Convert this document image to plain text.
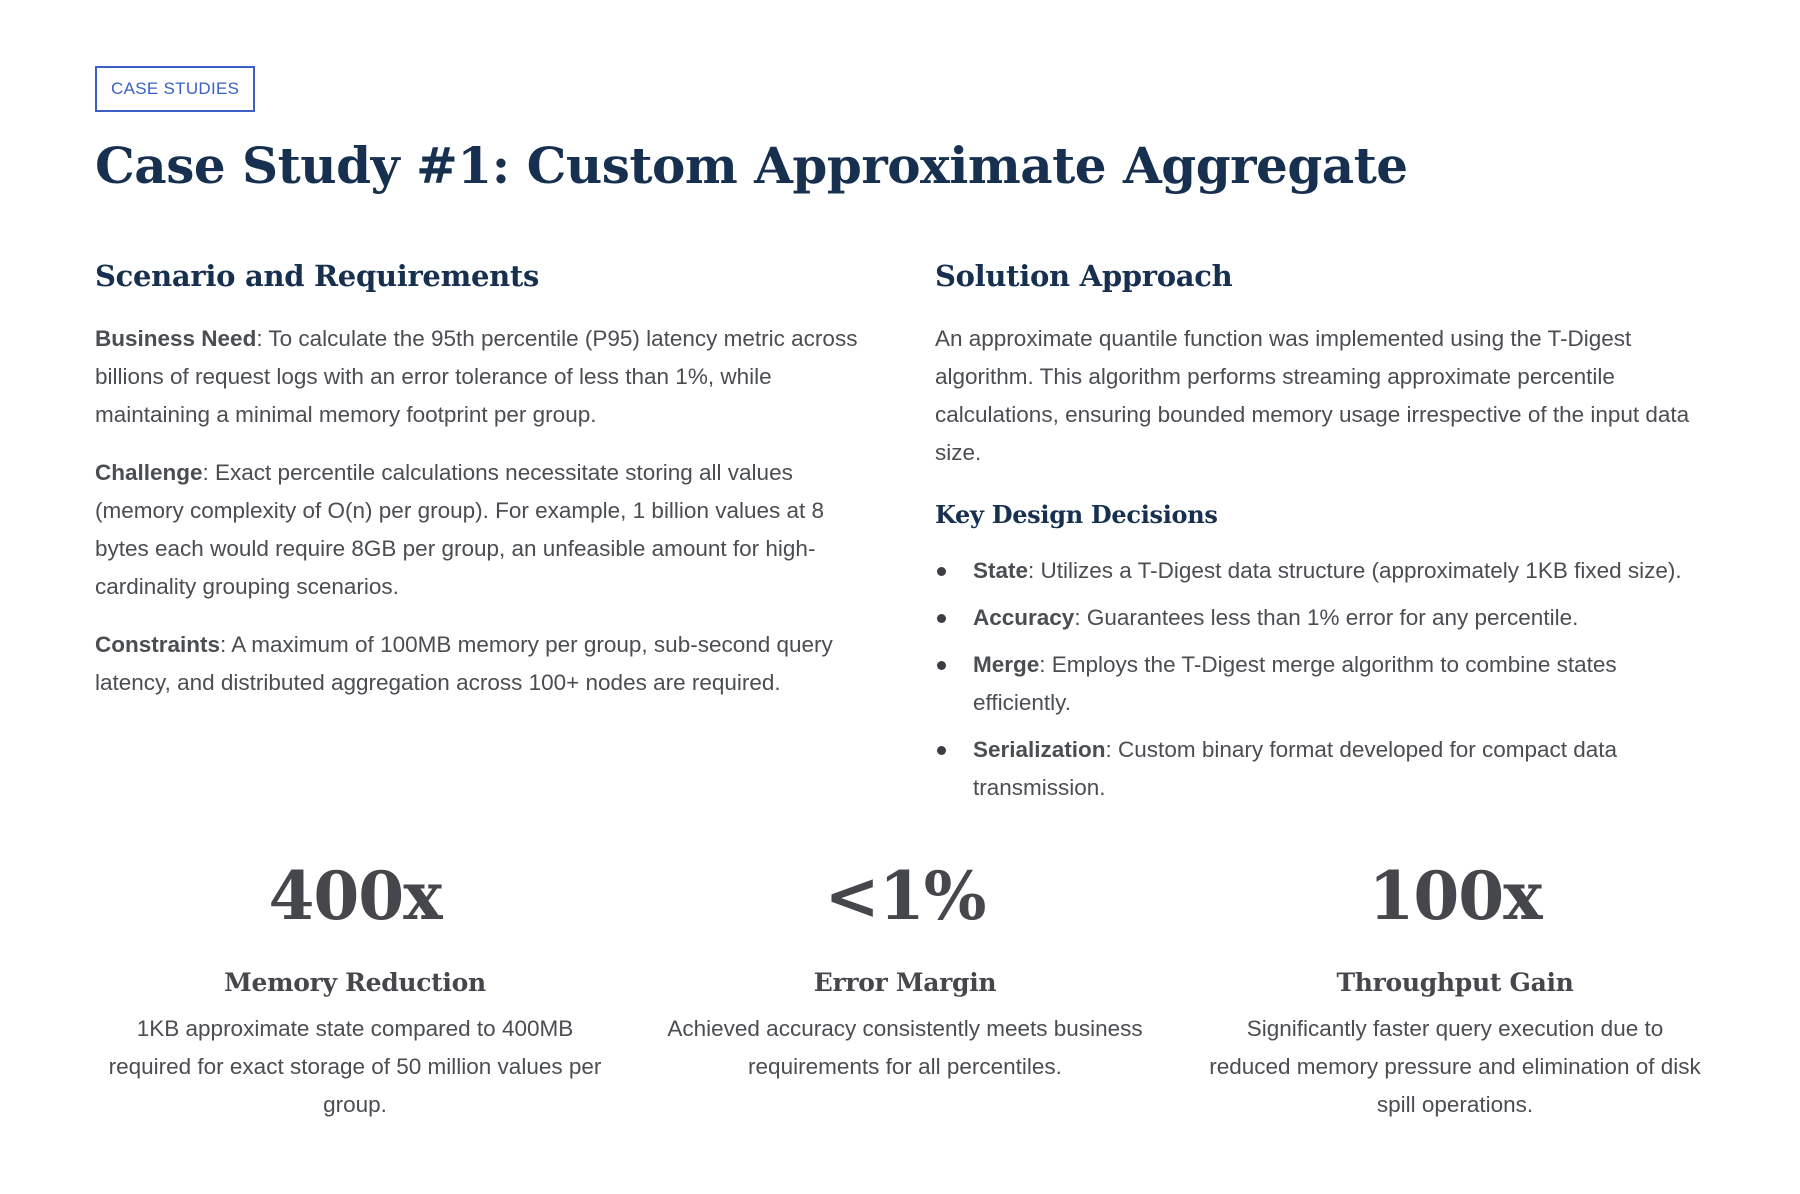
CASE STUDIES
Case Study #1: Custom Approximate Aggregate
Scenario and Requirements

Business Need: To calculate the 95th percentile (P95) latency metric across billions of request logs with an error tolerance of less than 1%, while maintaining a minimal memory footprint per group.

Challenge: Exact percentile calculations necessitate storing all values (memory complexity of O(n) per group). For example, 1 billion values at 8 bytes each would require 8GB per group, an unfeasible amount for high-cardinality grouping scenarios.

Constraints: A maximum of 100MB memory per group, sub-second query latency, and distributed aggregation across 100+ nodes are required.

Solution Approach

An approximate quantile function was implemented using the T-Digest algorithm. This algorithm performs streaming approximate percentile calculations, ensuring bounded memory usage irrespective of the input data size.

Key Design Decisions
State: Utilizes a T-Digest data structure (approximately 1KB fixed size).
Accuracy: Guarantees less than 1% error for any percentile.
Merge: Employs the T-Digest merge algorithm to combine states efficiently.
Serialization: Custom binary format developed for compact data transmission.
400x
Memory Reduction
1KB approximate state compared to 400MB required for exact storage of 50 million values per group.
<1%
Error Margin
Achieved accuracy consistently meets business requirements for all percentiles.
100x
Throughput Gain
Significantly faster query execution due to reduced memory pressure and elimination of disk spill operations.
